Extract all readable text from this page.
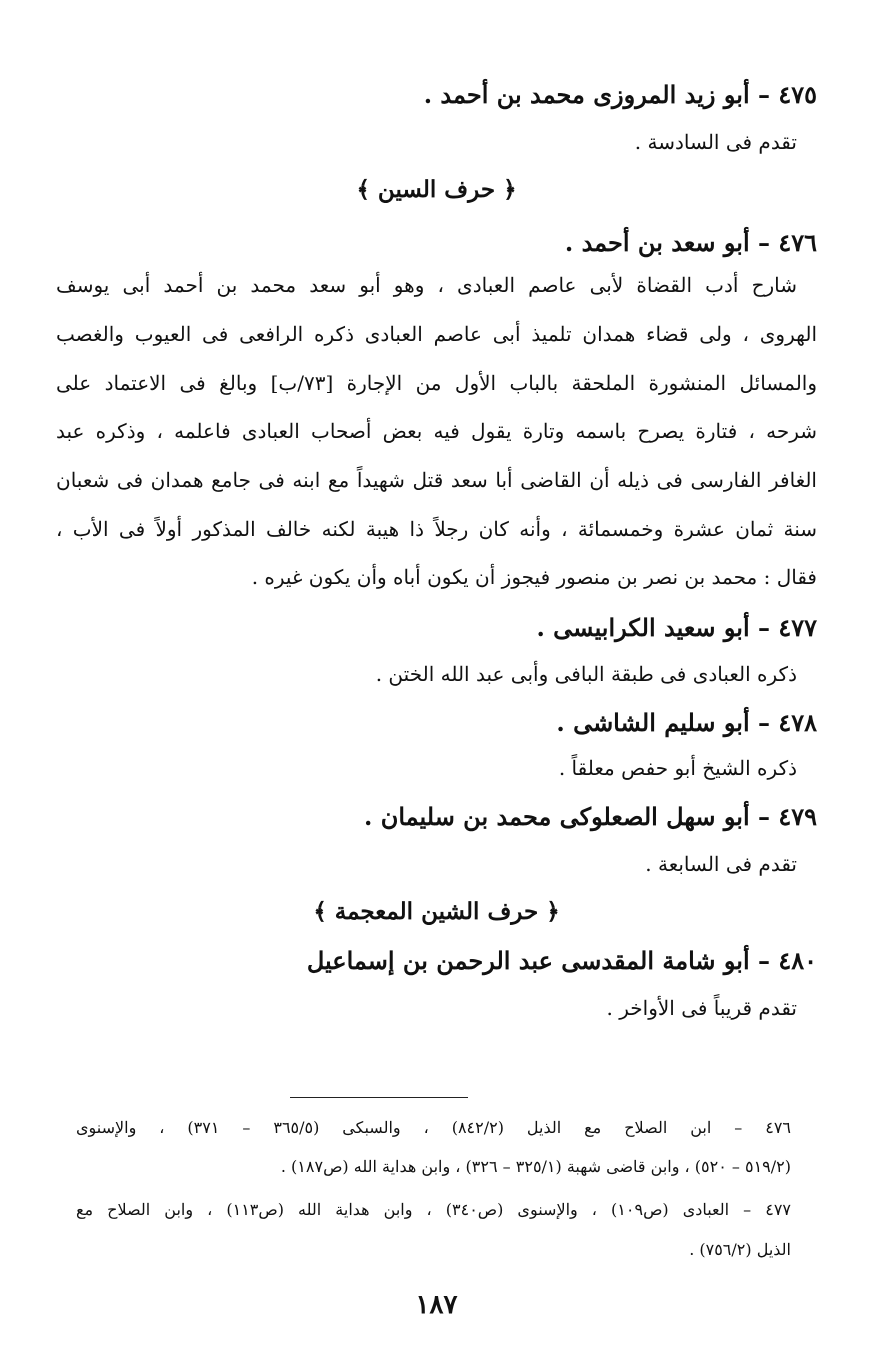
٤٧٥ – أبو زيد المروزى محمد بن أحمد .
تقدم فى السادسة .
﴿ حرف السين ﴾
٤٧٦ – أبو سعد بن أحمد .
شارح أدب القضاة لأبى عاصم العبادى ، وهو أبو سعد محمد بن أحمد أبى يوسف
الهروى ، ولى قضاء همدان تلميذ أبى عاصم العبادى ذكره الرافعى فى العيوب والغصب
والمسائل المنشورة الملحقة بالباب الأول من الإجارة [٧٣/ب] وبالغ فى الاعتماد على
شرحه ، فتارة يصرح باسمه وتارة يقول فيه بعض أصحاب العبادى فاعلمه ، وذكره عبد
الغافر الفارسى فى ذيله أن القاضى أبا سعد قتل شهيداً مع ابنه فى جامع همدان فى شعبان
سنة ثمان عشرة وخمسمائة ، وأنه كان رجلاً ذا هيبة لكنه خالف المذكور أولاً فى الأب ،
فقال : محمد بن نصر بن منصور فيجوز أن يكون أباه وأن يكون غيره .
٤٧٧ – أبو سعيد الكرابيسى .
ذكره العبادى فى طبقة البافى وأبى عبد الله الختن .
٤٧٨ – أبو سليم الشاشى .
ذكره الشيخ أبو حفص معلقاً .
٤٧٩ – أبو سهل الصعلوكى محمد بن سليمان .
تقدم فى السابعة .
﴿ حرف الشين المعجمة ﴾
٤٨٠ – أبو شامة المقدسى عبد الرحمن بن إسماعيل
تقدم قريباً فى الأواخر .
٤٧٦ – ابن الصلاح مع الذيل (٨٤٢/٢) ، والسبكى (٣٦٥/٥ – ٣٧١) ، والإسنوى
(٥١٩/٢ – ٥٢٠) ، وابن قاضى شهبة (٣٢٥/١ – ٣٢٦) ، وابن هداية الله (ص١٨٧) .
٤٧٧ – العبادى (ص١٠٩) ، والإسنوى (ص٣٤٠) ، وابن هداية الله (ص١١٣) ، وابن الصلاح مع
الذيل (٧٥٦/٢) .
١٨٧
